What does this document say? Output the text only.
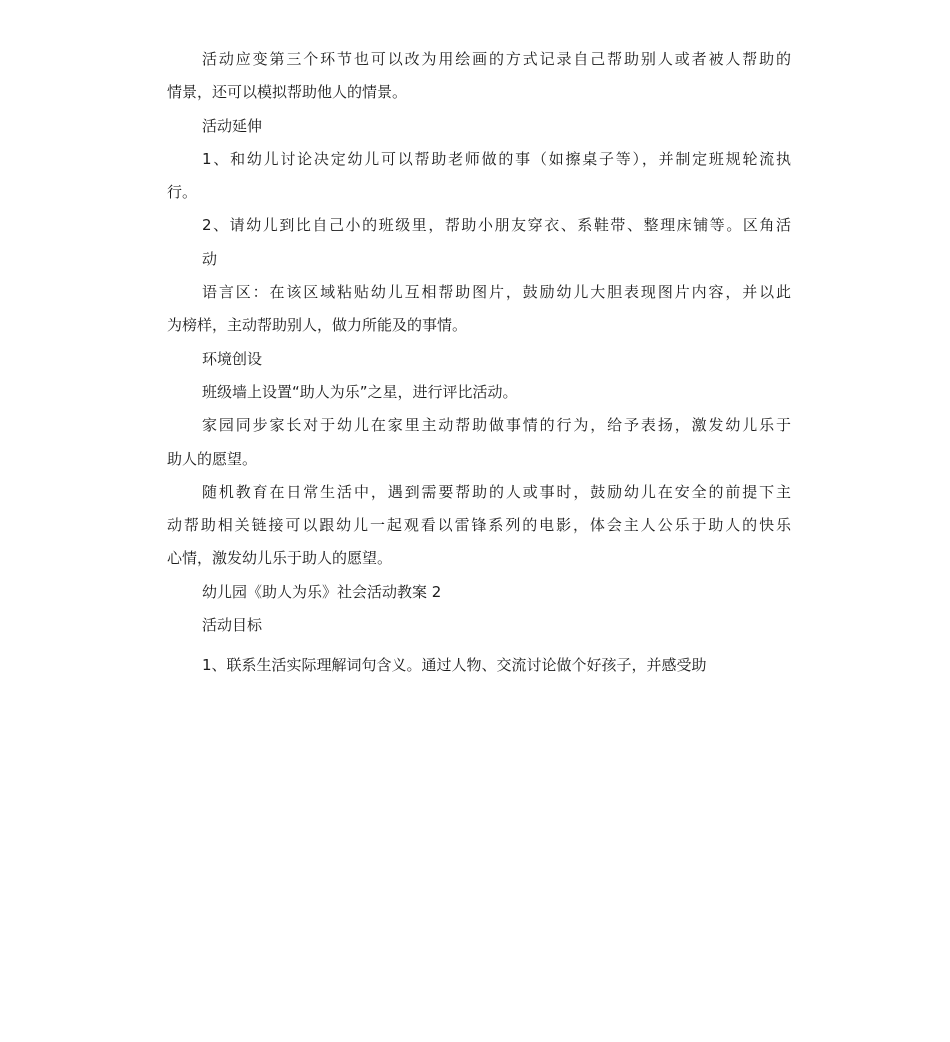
活动应变第三个环节也可以改为用绘画的方式记录自己帮助别人或者被人帮助的

情景，还可以模拟帮助他人的情景。

活动延伸

1、和幼儿讨论决定幼儿可以帮助老师做的事（如擦桌子等），并制定班规轮流执

行。

2、请幼儿到比自己小的班级里，帮助小朋友穿衣、系鞋带、整理床铺等。区角活

动

语言区：在该区域粘贴幼儿互相帮助图片，鼓励幼儿大胆表现图片内容，并以此

为榜样，主动帮助别人，做力所能及的事情。

环境创设

班级墙上设置“助人为乐”之星，进行评比活动。

家园同步家长对于幼儿在家里主动帮助做事情的行为，给予表扬，激发幼儿乐于

助人的愿望。

随机教育在日常生活中，遇到需要帮助的人或事时，鼓励幼儿在安全的前提下主

动帮助相关链接可以跟幼儿一起观看以雷锋系列的电影，体会主人公乐于助人的快乐

心情，激发幼儿乐于助人的愿望。

幼儿园《助人为乐》社会活动教案 2

活动目标

1、联系生活实际理解词句含义。通过人物、交流讨论做个好孩子，并感受助
